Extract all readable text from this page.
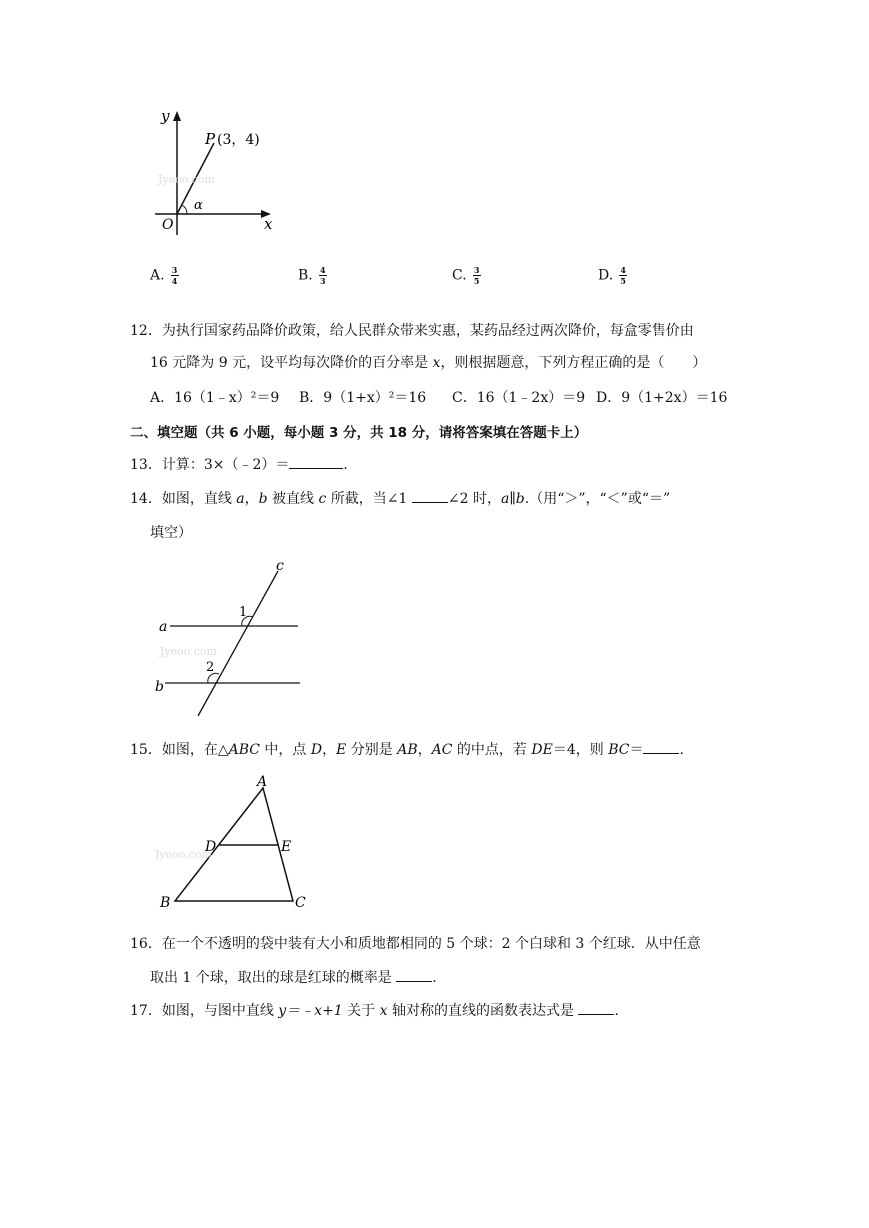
y
x
O
P (3，4)
α
Jyeoo.com
A. $\frac{3}{4}$	B. $\frac{4}{3}$	C. $\frac{3}{5}$	D. $\frac{4}{5}$
12．为执行国家药品降价政策，给人民群众带来实惠，某药品经过两次降价，每盒零售价由
16 元降为 9 元，设平均每次降价的百分率是 x，则根据题意，下列方程正确的是（　　）
A．16（1﹣x）²＝9 B．9（1+x）²＝16 C．16（1﹣2x）＝9 D．9（1+2x）＝16
二、填空题（共 6 小题，每小题 3 分，共 18 分，请将答案填在答题卡上）
13．计算：3×（﹣2）＝	.
14．如图，直线 a，b 被直线 c 所截，当∠1	∠2 时，a∥b.（用“＞”，“＜”或“＝”
填空）
c
a
b
1
2
Jyeoo.com
15．如图，在△ABC 中，点 D，E 分别是 AB，AC 的中点，若 DE＝4，则 BC＝	.
A
B	C
D	E
Jyeoo.com
16．在一个不透明的袋中装有大小和质地都相同的 5 个球：2 个白球和 3 个红球．从中任意
取出 1 个球，取出的球是红球的概率是	.
17．如图，与图中直线 y＝﹣x+1 关于 x 轴对称的直线的函数表达式是	.
